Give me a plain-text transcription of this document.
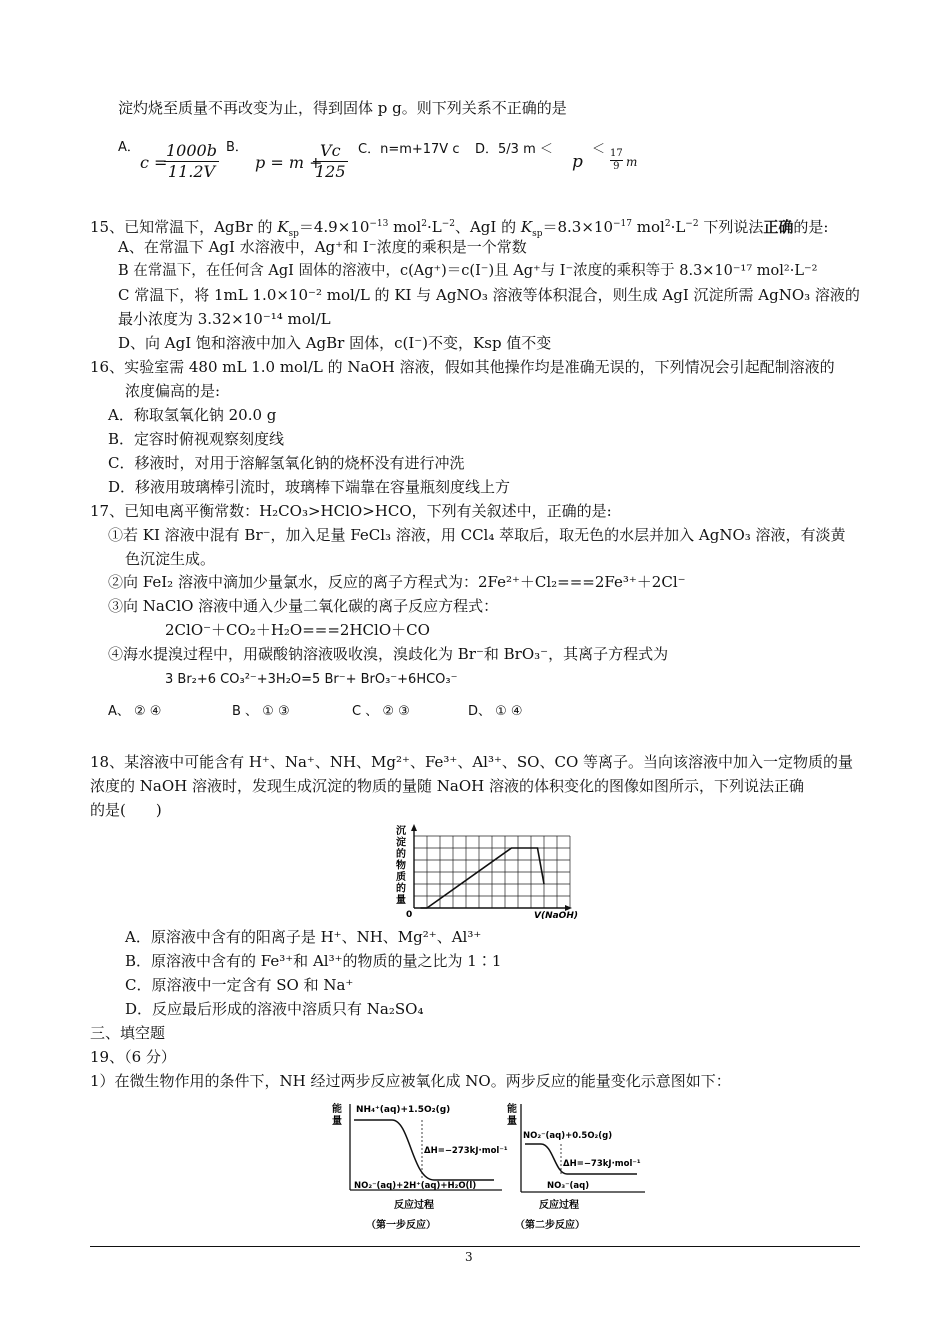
淀灼烧至质量不再改变为止，得到固体 p g。则下列关系不正确的是
A．
c =
$\frac{1000b}{11.2V}$ B．
p = m +
$\frac{Vc}{125}$ C．n=m+17V c D．5/3 m ＜
p
＜ 17
9 m
15、已知常温下，AgBr 的 $K_{sp}=4.9\times 10^{-13}$ $mol^2\cdot L^{-2}$、AgI 的 $K_{sp}=8.3\times 10^{-17}$ $mol^2\cdot L^{-2}$ 下列说法正确的是:
A、在常温下 AgI 水溶液中，Ag⁺和 I⁻浓度的乘积是一个常数
B 在常温下，在任何含 AgI 固体的溶液中，c(Ag⁺)＝c(I⁻)且 Ag⁺与 I⁻浓度的乘积等于 8.3×10⁻¹⁷ mol²·L⁻²
C 常温下，将 1mL 1.0×10⁻² mol/L 的 KI 与 AgNO₃ 溶液等体积混合，则生成 AgI 沉淀所需 AgNO₃ 溶液的
最小浓度为 3.32×10⁻¹⁴ mol/L
D、向 AgI 饱和溶液中加入 AgBr 固体，c(I⁻)不变，Ksp 值不变
16、实验室需 480 mL 1.0 mol/L 的 NaOH 溶液，假如其他操作均是准确无误的，下列情况会引起配制溶液的
浓度偏高的是:
A．称取氢氧化钠 20.0 g
B．定容时俯视观察刻度线
C．移液时，对用于溶解氢氧化钠的烧杯没有进行冲洗
D．移液用玻璃棒引流时，玻璃棒下端靠在容量瓶刻度线上方
17、已知电离平衡常数：H₂CO₃>HClO>HCO，下列有关叙述中，正确的是:
①若 KI 溶液中混有 Br⁻，加入足量 FeCl₃ 溶液，用 CCl₄ 萃取后，取无色的水层并加入 AgNO₃ 溶液，有淡黄
色沉淀生成。
②向 FeI₂ 溶液中滴加少量氯水，反应的离子方程式为：2Fe²⁺＋Cl₂===2Fe³⁺＋2Cl⁻
③向 NaClO 溶液中通入少量二氧化碳的离子反应方程式：
2ClO⁻＋CO₂＋H₂O===2HClO＋CO
④海水提溴过程中，用碳酸钠溶液吸收溴，溴歧化为 Br⁻和 BrO₃⁻，其离子方程式为
3 Br₂+6 CO₃²⁻+3H₂O=5 Br⁻+ BrO₃⁻+6HCO₃⁻
A、 ② ④	B 、 ① ③	C 、 ② ③	D、 ① ④
18、某溶液中可能含有 H⁺、Na⁺、NH、Mg²⁺、Fe³⁺、Al³⁺、SO、CO 等离子。当向该溶液中加入一定物质的量
浓度的 NaOH 溶液时，发现生成沉淀的物质的量随 NaOH 溶液的体积变化的图像如图所示，下列说法正确
的是(　　)
沉
淀
的
物
质
的
量
0	V(NaOH)
A．原溶液中含有的阳离子是 H⁺、NH、Mg²⁺、Al³⁺
B．原溶液中含有的 Fe³⁺和 Al³⁺的物质的量之比为 1∶1
C．原溶液中一定含有 SO 和 Na⁺
D．反应最后形成的溶液中溶质只有 Na₂SO₄
三、填空题
19、（6 分）
1）在微生物作用的条件下，NH 经过两步反应被氧化成 NO。两步反应的能量变化示意图如下：
能
量
NH₄⁺(aq)+1.5O₂(g)
ΔH=−273kJ·mol⁻¹
NO₂⁻(aq)+2H⁺(aq)+H₂O(l)
反应过程
（第一步反应）
能
量
NO₂⁻(aq)+0.5O₂(g)
ΔH=−73kJ·mol⁻¹
NO₃⁻(aq)
反应过程
（第二步反应）
3
